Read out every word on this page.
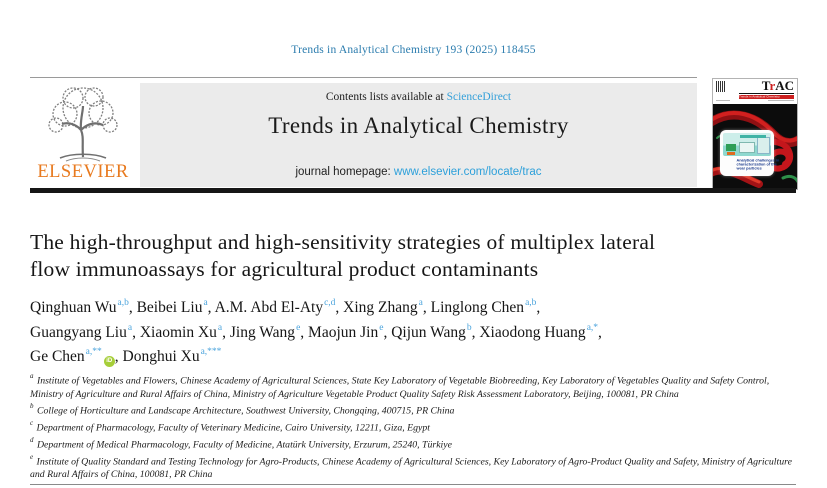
Trends in Analytical Chemistry 193 (2025) 118455
ELSEVIER
Contents lists available at ScienceDirect
Trends in Analytical Chemistry
journal homepage: www.elsevier.com/locate/trac
TrAC
Trends in Analytical Chemistry
Analytical challenges in
characterization of the
wear particles
The high-throughput and high-sensitivity strategies of multiplex lateral
flow immunoassays for agricultural product contaminants
Qinghuan Wu$^{a,b}$, Beibei Liu$^a$, A.M. Abd El-Aty$^{c,d}$, Xing Zhang$^a$, Linglong Chen$^{a,b}$,
Guangyang Liu$^a$, Xiaomin Xu$^a$, Jing Wang$^e$, Maojun Jin$^e$, Qijun Wang$^b$, Xiaodong Huang$^{a,*}$,
Ge Chen$^{a,**}$iD , Donghui $Xu^{a,***}$

$^a$ Institute of Vegetables and Flowers, Chinese Academy of Agricultural Sciences, State Key Laboratory of Vegetable Biobreeding, Key Laboratory of Vegetables Quality and Safety Control, Ministry of Agriculture and Rural Affairs of China, Ministry of Agriculture Vegetable Product Quality Safety Risk Assessment Laboratory, Beijing, 100081, PR China

$^b$ College of Horticulture and Landscape Architecture, Southwest University, Chongqing, 400715, PR China

$^c$ Department of Pharmacology, Faculty of Veterinary Medicine, Cairo University, 12211, Giza, Egypt

$^d$ Department of Medical Pharmacology, Faculty of Medicine, Atatürk University, Erzurum, 25240, Türkiye

$^e$ Institute of Quality Standard and Testing Technology for Agro-Products, Chinese Academy of Agricultural Sciences, Key Laboratory of Agro-Product Quality and Safety, Ministry of Agriculture and Rural Affairs of China, 100081, PR China
